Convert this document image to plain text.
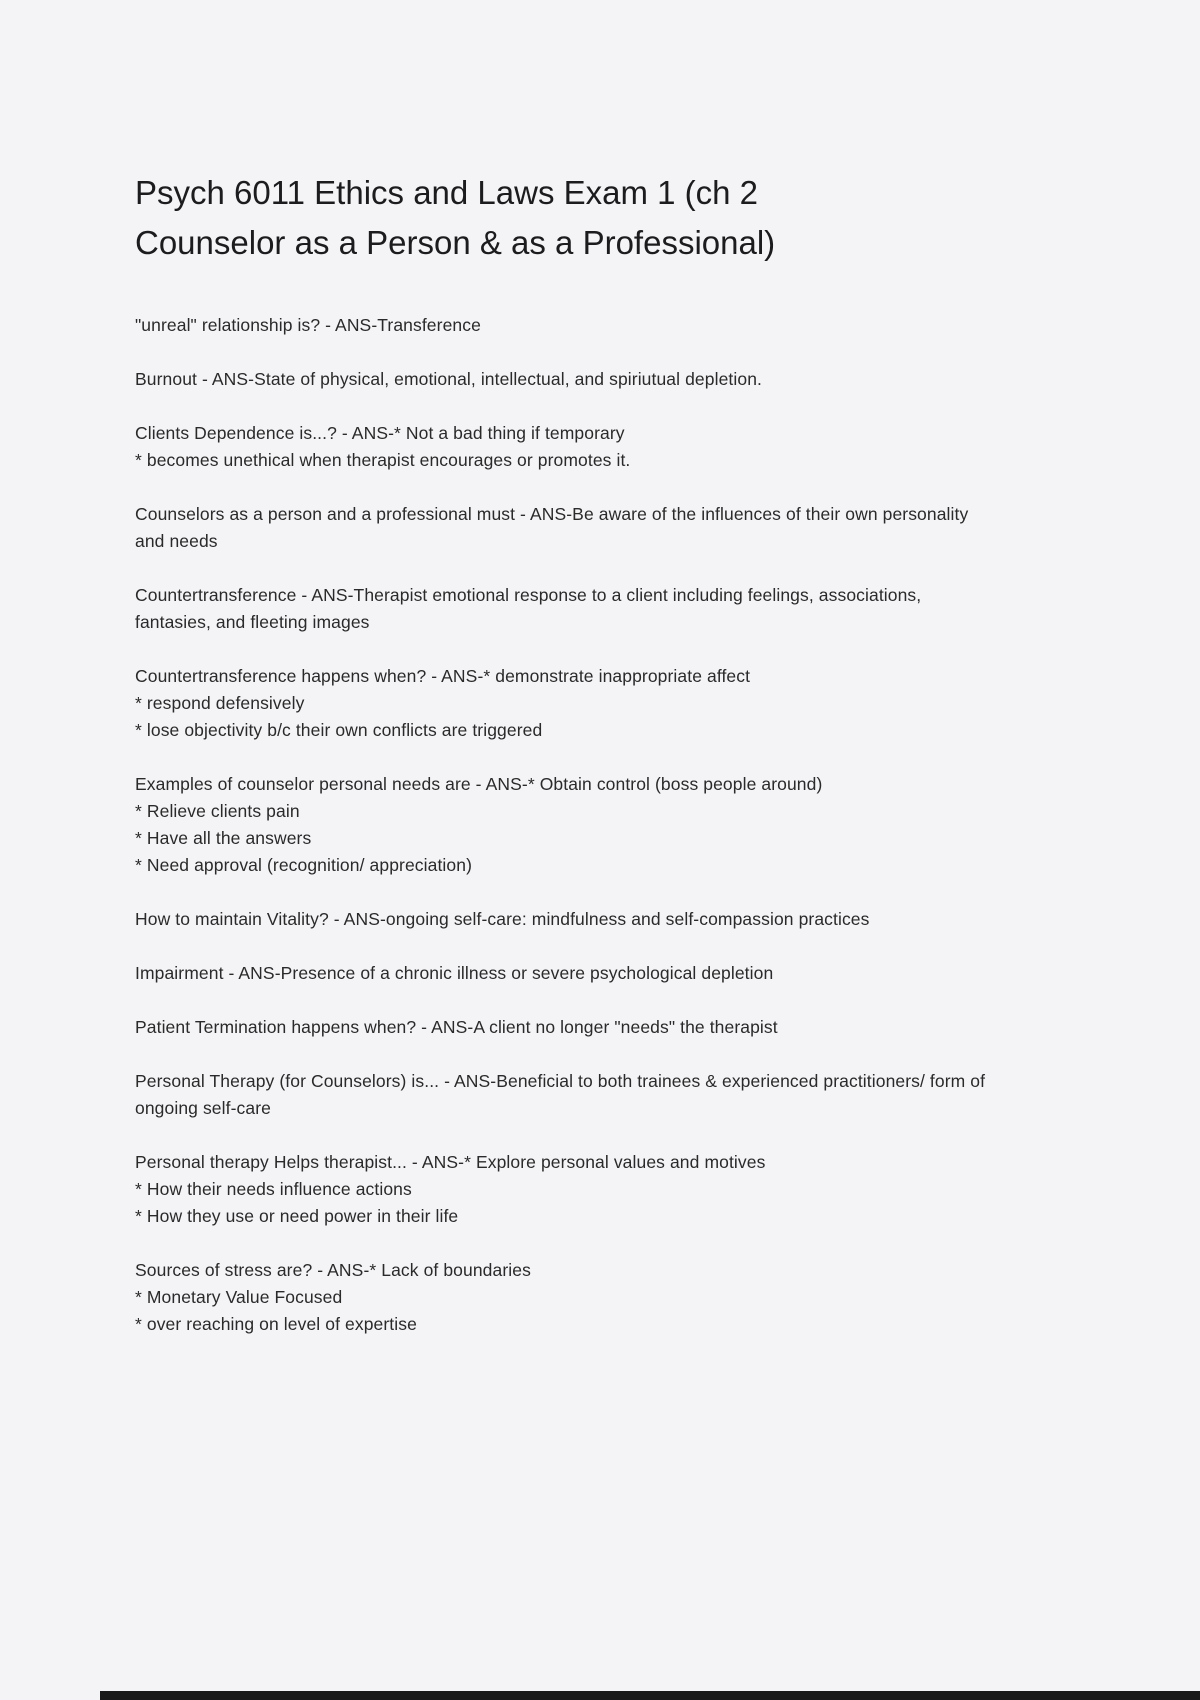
Psych 6011 Ethics and Laws Exam 1 (ch 2
Counselor as a Person & as a Professional)
"unreal" relationship is? - ANS-Transference
Burnout - ANS-State of physical, emotional, intellectual, and spiriutual depletion.
Clients Dependence is...? - ANS-* Not a bad thing if temporary
* becomes unethical when therapist encourages or promotes it.
Counselors as a person and a professional must - ANS-Be aware of the influences of their own personality and needs
Countertransference - ANS-Therapist emotional response to a client including feelings, associations, fantasies, and fleeting images
Countertransference happens when? - ANS-* demonstrate inappropriate affect
* respond defensively
* lose objectivity b/c their own conflicts are triggered
Examples of counselor personal needs are - ANS-* Obtain control (boss people around)
* Relieve clients pain
* Have all the answers
* Need approval (recognition/ appreciation)
How to maintain Vitality? - ANS-ongoing self-care: mindfulness and self-compassion practices
Impairment - ANS-Presence of a chronic illness or severe psychological depletion
Patient Termination happens when? - ANS-A client no longer "needs" the therapist
Personal Therapy (for Counselors) is... - ANS-Beneficial to both trainees & experienced practitioners/ form of ongoing self-care
Personal therapy Helps therapist... - ANS-* Explore personal values and motives
* How their needs influence actions
* How they use or need power in their life
Sources of stress are? - ANS-* Lack of boundaries
* Monetary Value Focused
* over reaching on level of expertise
